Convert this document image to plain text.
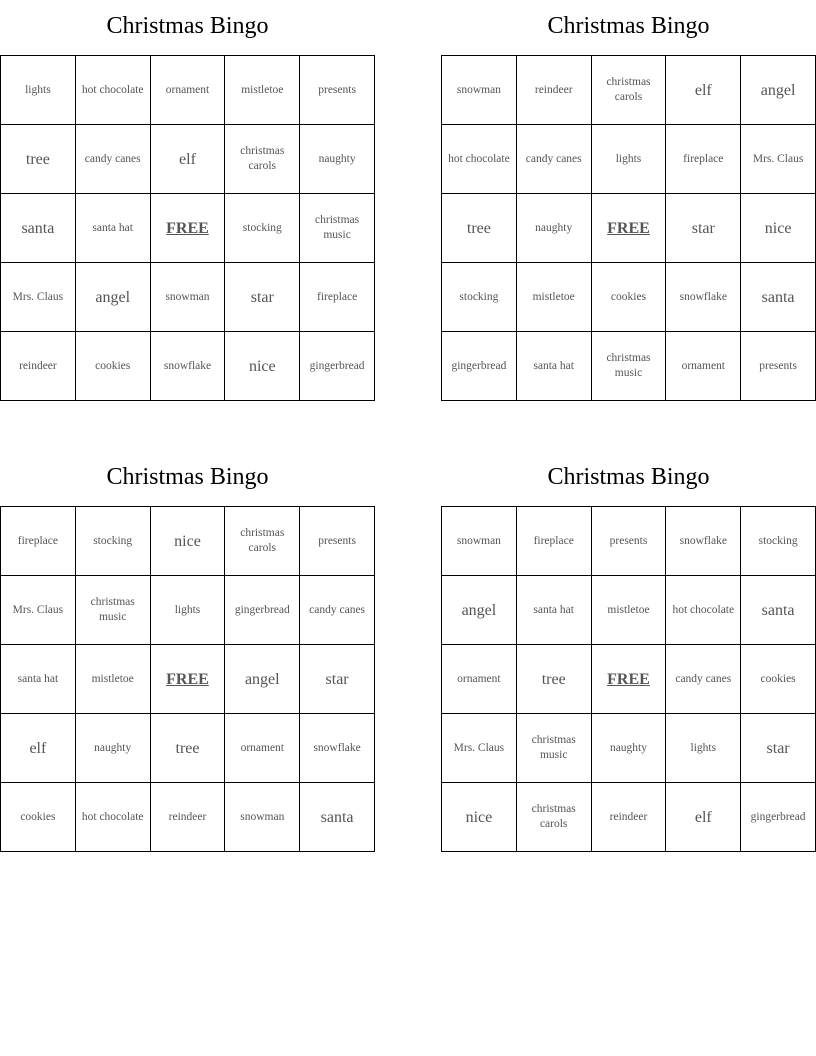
Christmas Bingo
lights	hot chocolate	ornament	mistletoe	presents
tree	candy canes	elf	christmas carols	naughty
santa	santa hat	FREE	stocking	christmas music
Mrs. Claus	angel	snowman	star	fireplace
reindeer	cookies	snowflake	nice	gingerbread
Christmas Bingo
snowman	reindeer	christmas carols	elf	angel
hot chocolate	candy canes	lights	fireplace	Mrs. Claus
tree	naughty	FREE	star	nice
stocking	mistletoe	cookies	snowflake	santa
gingerbread	santa hat	christmas music	ornament	presents
Christmas Bingo
fireplace	stocking	nice	christmas carols	presents
Mrs. Claus	christmas music	lights	gingerbread	candy canes
santa hat	mistletoe	FREE	angel	star
elf	naughty	tree	ornament	snowflake
cookies	hot chocolate	reindeer	snowman	santa
Christmas Bingo
snowman	fireplace	presents	snowflake	stocking
angel	santa hat	mistletoe	hot chocolate	santa
ornament	tree	FREE	candy canes	cookies
Mrs. Claus	christmas music	naughty	lights	star
nice	christmas carols	reindeer	elf	gingerbread
